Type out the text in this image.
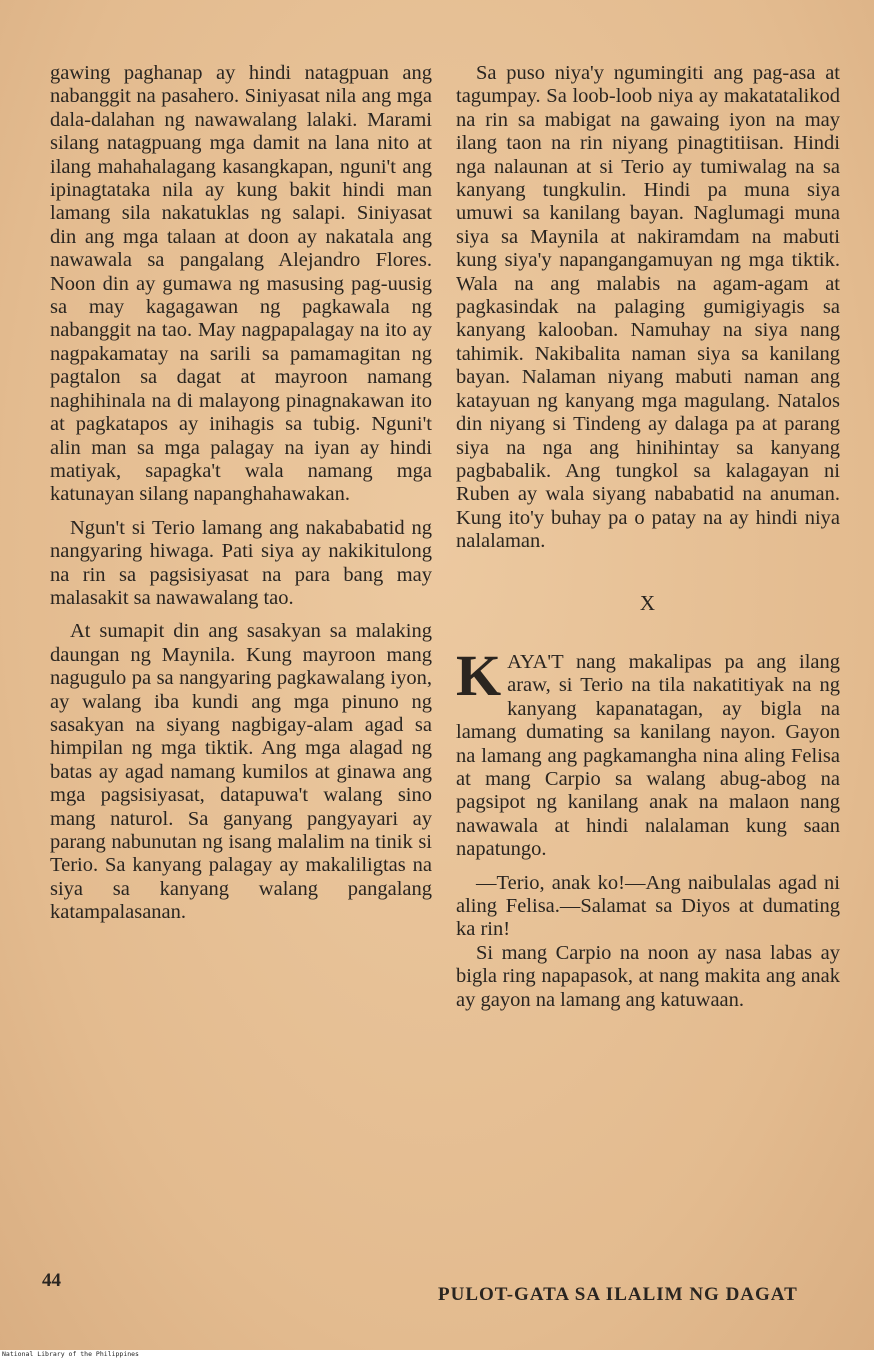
gawing paghanap ay hindi natagpuan ang nabanggit na pasahero. Siniyasat nila ang mga dala-dalahan ng nawawalang lalaki. Marami silang natagpuang mga damit na lana nito at ilang mahahalagang kasangkapan, nguni't ang ipinagtataka nila ay kung bakit hindi man lamang sila nakatuklas ng salapi. Siniyasat din ang mga talaan at doon ay nakatala ang nawawala sa pangalang Alejandro Flores. Noon din ay gumawa ng masusing pag-uusig sa may kagagawan ng pagkawala ng nabanggit na tao. May nagpapalagay na ito ay nagpakamatay na sarili sa pamamagitan ng pagtalon sa dagat at mayroon namang naghihinala na di malayong pinagnakawan ito at pagkatapos ay inihagis sa tubig. Nguni't alin man sa mga palagay na iyan ay hindi matiyak, sapagka't wala namang mga katunayan silang napanghahawakan.

Ngun't si Terio lamang ang nakababatid ng nangyaring hiwaga. Pati siya ay nakikitulong na rin sa pagsisiyasat na para bang may malasakit sa nawawalang tao.

At sumapit din ang sasakyan sa malaking daungan ng Maynila. Kung mayroon mang nagugulo pa sa nangyaring pagkawalang iyon, ay walang iba kundi ang mga pinuno ng sasakyan na siyang nagbigay-alam agad sa himpilan ng mga tiktik. Ang mga alagad ng batas ay agad namang kumilos at ginawa ang mga pagsisiyasat, datapuwa't walang sino mang naturol. Sa ganyang pangyayari ay parang nabunutan ng isang malalim na tinik si Terio. Sa kanyang palagay ay makaliligtas na siya sa kanyang walang pangalang katampalasanan.

Sa puso niya'y ngumingiti ang pag-asa at tagumpay. Sa loob-loob niya ay makatatalikod na rin sa mabigat na gawaing iyon na may ilang taon na rin niyang pinagtitiisan. Hindi nga nalaunan at si Terio ay tumiwalag na sa kanyang tungkulin. Hindi pa muna siya umuwi sa kanilang bayan. Naglumagi muna siya sa Maynila at nakiramdam na mabuti kung siya'y napangangamuyan ng mga tiktik. Wala na ang malabis na agam-agam at pagkasindak na palaging gumigiyagis sa kanyang kalooban. Namuhay na siya nang tahimik. Nakibalita naman siya sa kanilang bayan. Nalaman niyang mabuti naman ang katayuan ng kanyang mga magulang. Natalos din niyang si Tindeng ay dalaga pa at parang siya na nga ang hinihintay sa kanyang pagbabalik. Ang tungkol sa kalagayan ni Ruben ay wala siyang nababatid na anuman. Kung ito'y buhay pa o patay na ay hindi niya nalalaman.

X

KAYA'T nang makalipas pa ang ilang araw, si Terio na tila nakatitiyak na ng kanyang kapanatagan, ay bigla na lamang dumating sa kanilang nayon. Gayon na lamang ang pagkamangha nina aling Felisa at mang Carpio sa walang abug-abog na pagsipot ng kanilang anak na malaon nang nawawala at hindi nalalaman kung saan napatungo.

—Terio, anak ko!—Ang naibulalas agad ni aling Felisa.—Salamat sa Diyos at dumating ka rin!

Si mang Carpio na noon ay nasa labas ay bigla ring napapasok, at nang makita ang anak ay gayon na lamang ang katuwaan.

44
PULOT-GATA SA ILALIM NG DAGAT
National Library of the Philippines
